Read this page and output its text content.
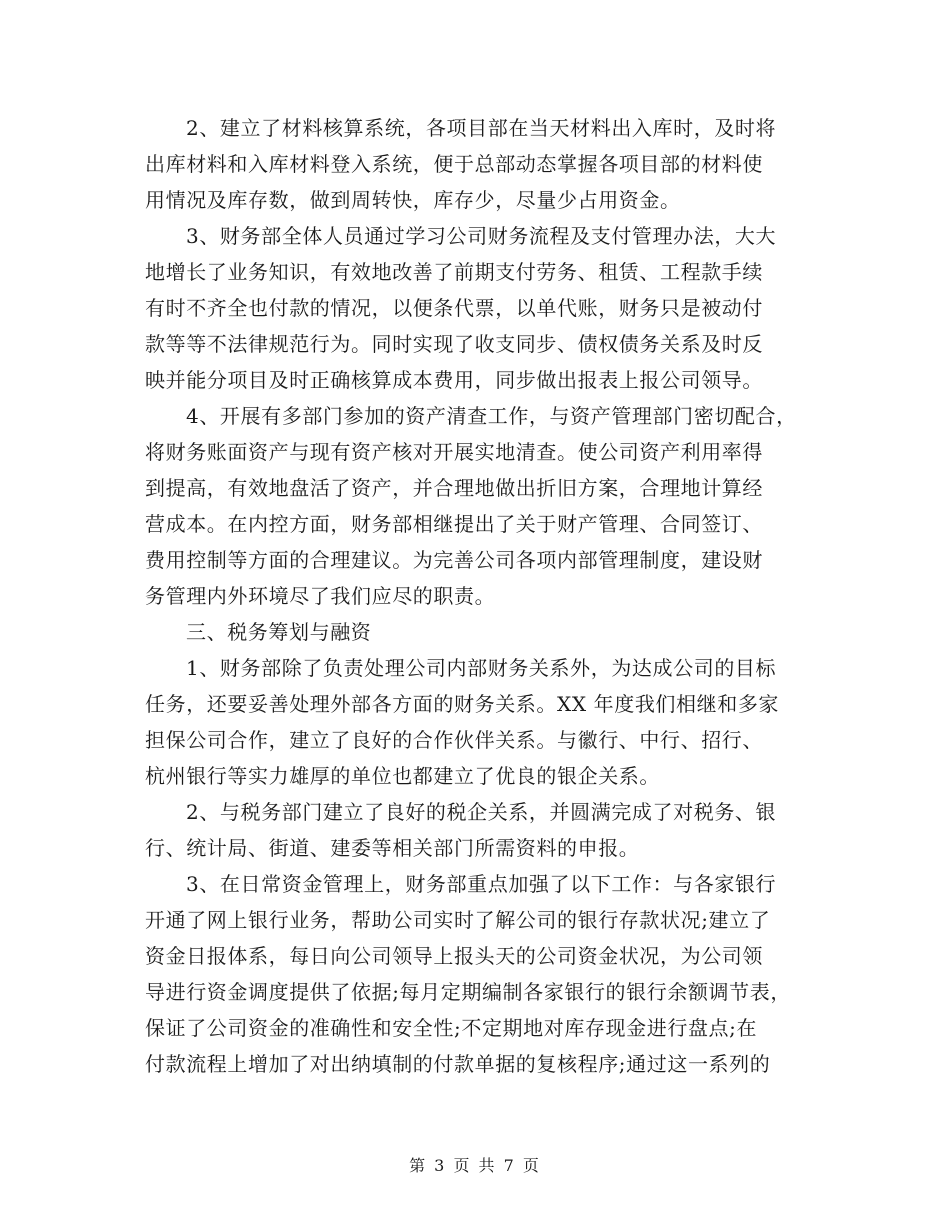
2、建立了材料核算系统，各项目部在当天材料出入库时，及时将
出库材料和入库材料登入系统，便于总部动态掌握各项目部的材料使
用情况及库存数，做到周转快，库存少，尽量少占用资金。
3、财务部全体人员通过学习公司财务流程及支付管理办法，大大
地增长了业务知识，有效地改善了前期支付劳务、租赁、工程款手续
有时不齐全也付款的情况，以便条代票，以单代账，财务只是被动付
款等等不法律规范行为。同时实现了收支同步、债权债务关系及时反
映并能分项目及时正确核算成本费用，同步做出报表上报公司领导。
4、开展有多部门参加的资产清查工作，与资产管理部门密切配合，
将财务账面资产与现有资产核对开展实地清查。使公司资产利用率得
到提高，有效地盘活了资产，并合理地做出折旧方案，合理地计算经
营成本。在内控方面，财务部相继提出了关于财产管理、合同签订、
费用控制等方面的合理建议。为完善公司各项内部管理制度，建设财
务管理内外环境尽了我们应尽的职责。
三、税务筹划与融资
1、财务部除了负责处理公司内部财务关系外，为达成公司的目标
任务，还要妥善处理外部各方面的财务关系。XX 年度我们相继和多家
担保公司合作，建立了良好的合作伙伴关系。与徽行、中行、招行、
杭州银行等实力雄厚的单位也都建立了优良的银企关系。
2、与税务部门建立了良好的税企关系，并圆满完成了对税务、银
行、统计局、街道、建委等相关部门所需资料的申报。
3、在日常资金管理上，财务部重点加强了以下工作：与各家银行
开通了网上银行业务，帮助公司实时了解公司的银行存款状况;建立了
资金日报体系，每日向公司领导上报头天的公司资金状况，为公司领
导进行资金调度提供了依据;每月定期编制各家银行的银行余额调节表，
保证了公司资金的准确性和安全性;不定期地对库存现金进行盘点;在
付款流程上增加了对出纳填制的付款单据的复核程序;通过这一系列的
第 3 页 共 7 页
